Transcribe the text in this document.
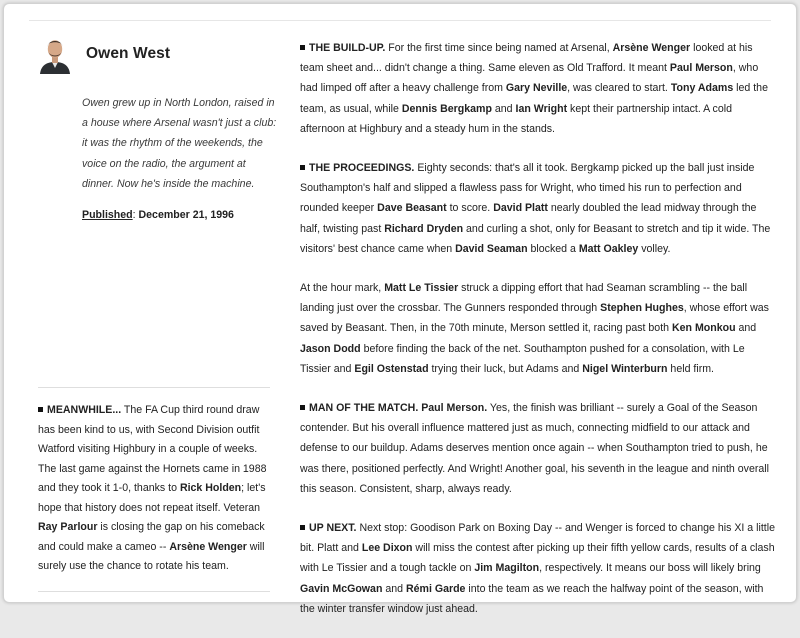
Owen West
Owen grew up in North London, raised in a house where Arsenal wasn't just a club: it was the rhythm of the weekends, the voice on the radio, the argument at dinner. Now he's inside the machine.
Published: December 21, 1996

MEANWHILE... The FA Cup third round draw has been kind to us, with Second Division outfit Watford visiting Highbury in a couple of weeks. The last game against the Hornets came in 1988 and they took it 1-0, thanks to Rick Holden; let's hope that history does not repeat itself. Veteran Ray Parlour is closing the gap on his comeback and could make a cameo -- Arsène Wenger will surely use the chance to rotate his team.

THE BUILD-UP. For the first time since being named at Arsenal, Arsène Wenger looked at his team sheet and... didn't change a thing. Same eleven as Old Trafford. It meant Paul Merson, who had limped off after a heavy challenge from Gary Neville, was cleared to start. Tony Adams led the team, as usual, while Dennis Bergkamp and Ian Wright kept their partnership intact. A cold afternoon at Highbury and a steady hum in the stands.

THE PROCEEDINGS. Eighty seconds: that's all it took. Bergkamp picked up the ball just inside Southampton's half and slipped a flawless pass for Wright, who timed his run to perfection and rounded keeper Dave Beasant to score. David Platt nearly doubled the lead midway through the half, twisting past Richard Dryden and curling a shot, only for Beasant to stretch and tip it wide. The visitors' best chance came when David Seaman blocked a Matt Oakley volley.

At the hour mark, Matt Le Tissier struck a dipping effort that had Seaman scrambling -- the ball landing just over the crossbar. The Gunners responded through Stephen Hughes, whose effort was saved by Beasant. Then, in the 70th minute, Merson settled it, racing past both Ken Monkou and Jason Dodd before finding the back of the net. Southampton pushed for a consolation, with Le Tissier and Egil Ostenstad trying their luck, but Adams and Nigel Winterburn held firm.

MAN OF THE MATCH. Paul Merson. Yes, the finish was brilliant -- surely a Goal of the Season contender. But his overall influence mattered just as much, connecting midfield to our attack and defense to our buildup. Adams deserves mention once again -- when Southampton tried to push, he was there, positioned perfectly. And Wright! Another goal, his seventh in the league and ninth overall this season. Consistent, sharp, always ready.

UP NEXT. Next stop: Goodison Park on Boxing Day -- and Wenger is forced to change his XI a little bit. Platt and Lee Dixon will miss the contest after picking up their fifth yellow cards, results of a clash with Le Tissier and a tough tackle on Jim Magilton, respectively. It means our boss will likely bring Gavin McGowan and Rémi Garde into the team as we reach the halfway point of the season, with the winter transfer window just ahead.
